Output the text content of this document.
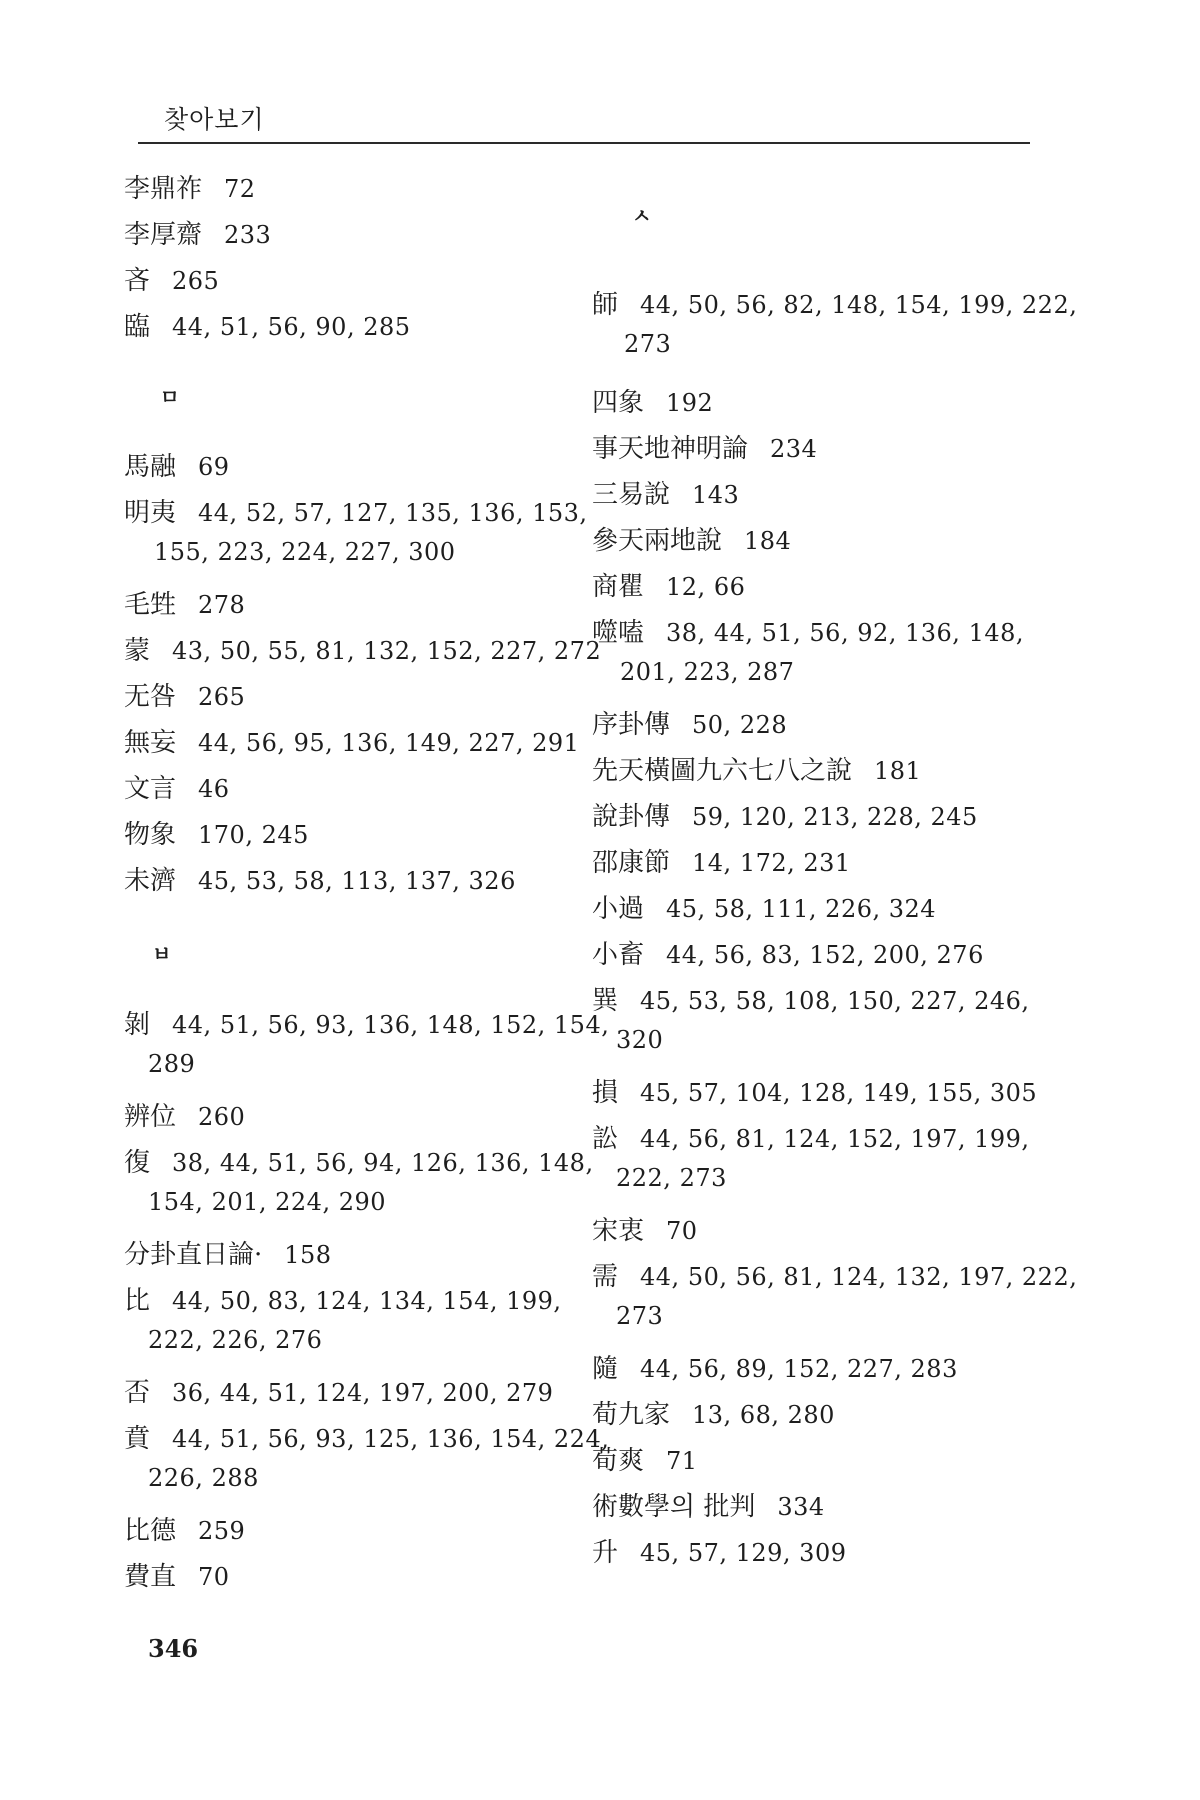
찾아보기
李鼎祚 72
李厚齋 233
吝 265
臨 44, 51, 56, 90, 285
ㅁ
馬融 69
明夷 44, 52, 57, 127, 135, 136, 153,
155, 223, 224, 227, 300
毛甡 278
蒙 43, 50, 55, 81, 132, 152, 227, 272
无咎 265
無妄 44, 56, 95, 136, 149, 227, 291
文言 46
物象 170, 245
未濟 45, 53, 58, 113, 137, 326
ㅂ
剝 44, 51, 56, 93, 136, 148, 152, 154,
289
辨位 260
復 38, 44, 51, 56, 94, 126, 136, 148,
154, 201, 224, 290
分卦直日論· 158
比 44, 50, 83, 124, 134, 154, 199,
222, 226, 276
否 36, 44, 51, 124, 197, 200, 279
賁 44, 51, 56, 93, 125, 136, 154, 224,
226, 288
比德 259
費直 70
ㅅ
師 44, 50, 56, 82, 148, 154, 199, 222,
273
四象 192
事天地神明論 234
三易說 143
參天兩地說 184
商瞿 12, 66
噬嗑 38, 44, 51, 56, 92, 136, 148,
201, 223, 287
序卦傳 50, 228
先天橫圖九六七八之說 181
說卦傳 59, 120, 213, 228, 245
邵康節 14, 172, 231
小過 45, 58, 111, 226, 324
小畜 44, 56, 83, 152, 200, 276
巽 45, 53, 58, 108, 150, 227, 246,
320
損 45, 57, 104, 128, 149, 155, 305
訟 44, 56, 81, 124, 152, 197, 199,
222, 273
宋衷 70
需 44, 50, 56, 81, 124, 132, 197, 222,
273
隨 44, 56, 89, 152, 227, 283
荀九家 13, 68, 280
荀爽 71
術數學의 批判 334
升 45, 57, 129, 309
346
